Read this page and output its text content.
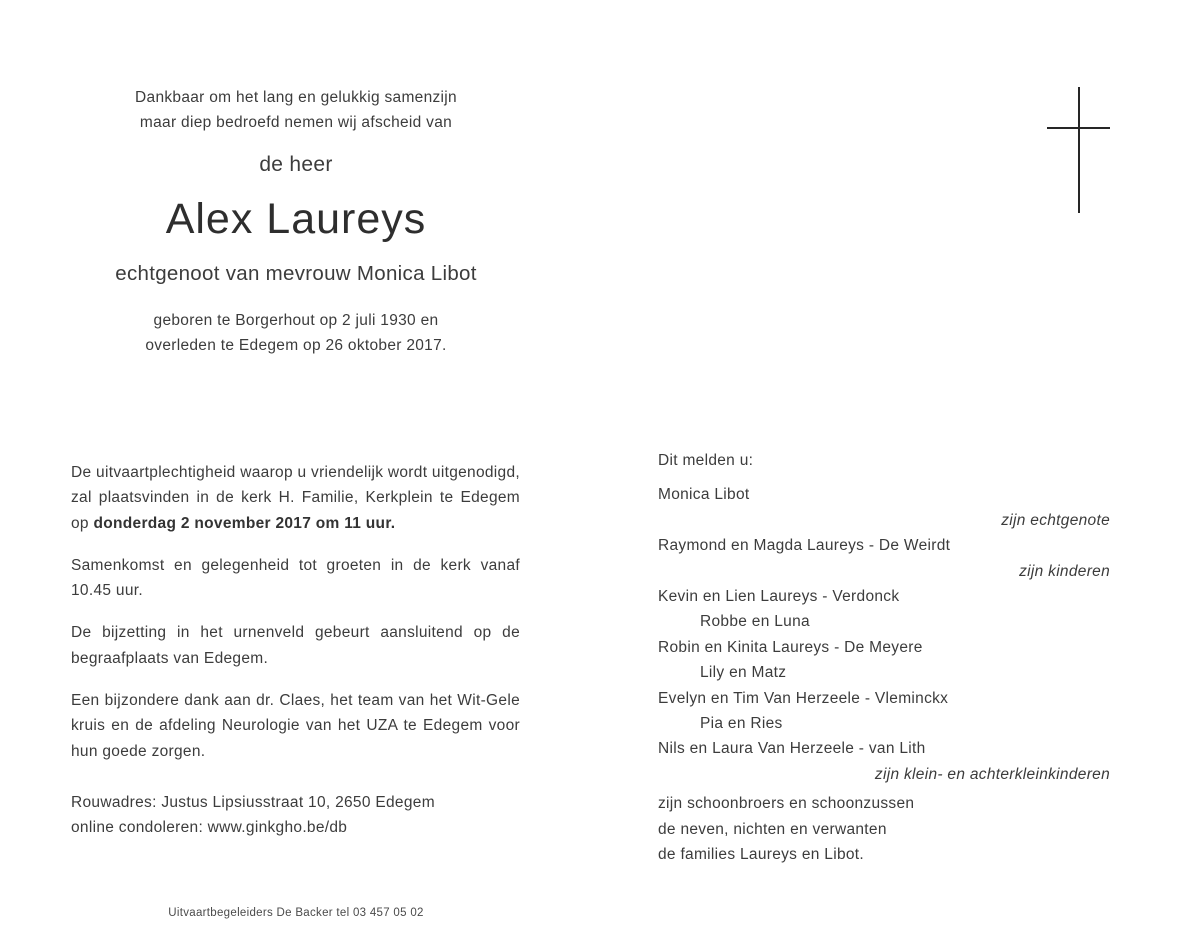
Dankbaar om het lang en gelukkig samenzijn
maar diep bedroefd nemen wij afscheid van
de heer
Alex Laureys
echtgenoot van mevrouw Monica Libot
geboren te Borgerhout op 2 juli 1930 en
overleden te Edegem op 26 oktober 2017.

De uitvaartplechtigheid waarop u vriendelijk wordt uitgenodigd, zal plaatsvinden in de kerk H. Familie, Kerkplein te Edegem op donderdag 2 november 2017 om 11 uur.

Samenkomst en gelegenheid tot groeten in de kerk vanaf 10.45 uur.

De bijzetting in het urnenveld gebeurt aansluitend op de begraafplaats van Edegem.

Een bijzondere dank aan dr. Claes, het team van het Wit-Gele kruis en de afdeling Neurologie van het UZA te Edegem voor hun goede zorgen.

Rouwadres: Justus Lipsiusstraat 10, 2650 Edegem
online condoleren: www.ginkgho.be/db
Dit melden u:
Monica Libot
zijn echtgenote
Raymond en Magda Laureys - De Weirdt
zijn kinderen
Kevin en Lien Laureys - Verdonck
Robbe en Luna
Robin en Kinita Laureys - De Meyere
Lily en Matz
Evelyn en Tim Van Herzeele - Vleminckx
Pia en Ries
Nils en Laura Van Herzeele - van Lith
zijn klein- en achterkleinkinderen
zijn schoonbroers en schoonzussen
de neven, nichten en verwanten
de families Laureys en Libot.
Uitvaartbegeleiders De Backer tel 03 457 05 02
